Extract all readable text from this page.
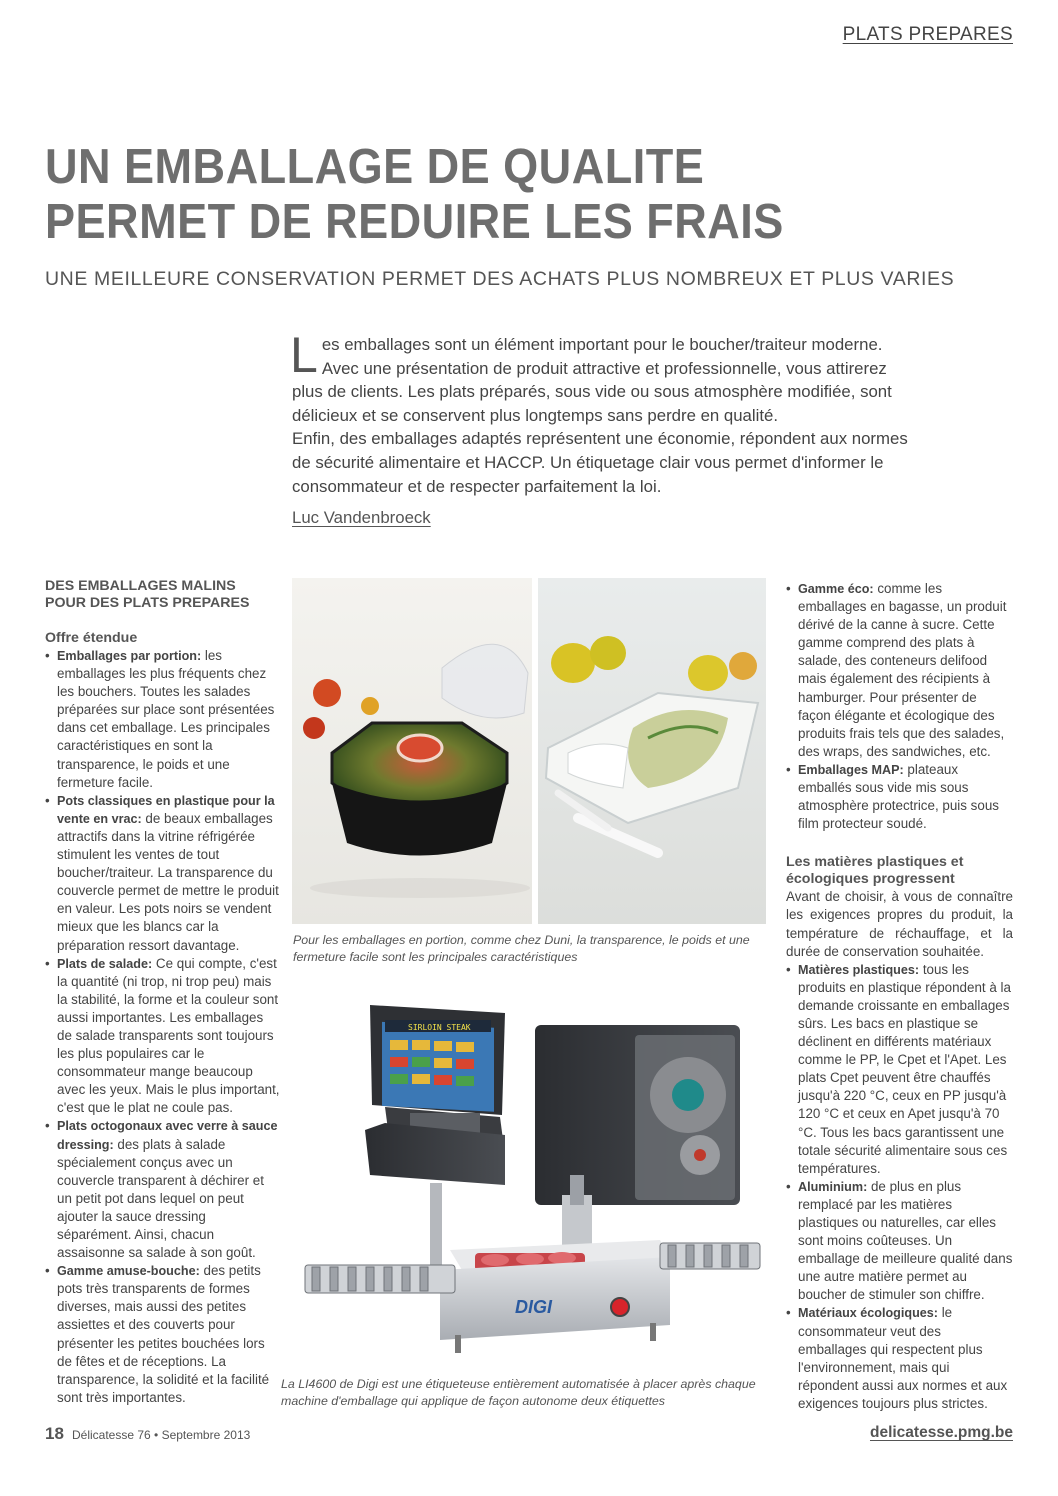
PLATS PREPARES
UN EMBALLAGE DE QUALITE
PERMET DE REDUIRE LES FRAIS
UNE MEILLEURE CONSERVATION PERMET DES ACHATS PLUS NOMBREUX ET PLUS VARIES

Les emballages sont un élément important pour le boucher/traiteur moderne. Avec une présentation de produit attractive et professionnelle, vous attirerez plus de clients. Les plats préparés, sous vide ou sous atmosphère modifiée, sont délicieux et se conservent plus longtemps sans perdre en qualité.

Enfin, des emballages adaptés représentent une économie, répondent aux normes de sécurité alimentaire et HACCP. Un étiquetage clair vous permet d'informer le consommateur et de respecter parfaitement la loi.

Luc Vandenbroeck
DES EMBALLAGES MALINS POUR DES PLATS PREPARES
Offre étendue
• Emballages par portion: les emballages les plus fréquents chez les bouchers. Toutes les salades préparées sur place sont présentées dans cet emballage. Les principales caractéristiques en sont la transparence, le poids et une fermeture facile.
• Pots classiques en plastique pour la vente en vrac: de beaux emballages attractifs dans la vitrine réfrigérée stimulent les ventes de tout boucher/traiteur. La transparence du couvercle permet de mettre le produit en valeur. Les pots noirs se vendent mieux que les blancs car la préparation ressort davantage.
• Plats de salade: Ce qui compte, c'est la quantité (ni trop, ni trop peu) mais la stabilité, la forme et la couleur sont aussi importantes. Les emballages de salade transparents sont toujours les plus populaires car le consommateur mange beaucoup avec les yeux. Mais le plus important, c'est que le plat ne coule pas.
• Plats octogonaux avec verre à sauce dressing: des plats à salade spécialement conçus avec un couvercle transparent à déchirer et un petit pot dans lequel on peut ajouter la sauce dressing séparément. Ainsi, chacun assaisonne sa salade à son goût.
• Gamme amuse-bouche: des petits pots très transparents de formes diverses, mais aussi des petites assiettes et des couverts pour présenter les petites bouchées lors de fêtes et de réceptions. La transparence, la solidité et la facilité sont très importantes.
Pour les emballages en portion, comme chez Duni, la transparence, le poids et une fermeture facile sont les principales caractéristiques
SIRLOIN STEAK
DIGI
La LI4600 de Digi est une étiqueteuse entièrement automatisée à placer après chaque machine d'emballage qui applique de façon autonome deux étiquettes
• Gamme éco: comme les emballages en bagasse, un produit dérivé de la canne à sucre. Cette gamme comprend des plats à salade, des conteneurs delifood mais également des récipients à hamburger. Pour présenter de façon élégante et écologique des produits frais tels que des salades, des wraps, des sandwiches, etc.
• Emballages MAP: plateaux emballés sous vide mis sous atmosphère protectrice, puis sous film protecteur soudé.
Les matières plastiques et écologiques progressent

Avant de choisir, à vous de connaître les exigences propres du produit, la température de réchauffage, et la durée de conservation souhaitée.

• Matières plastiques: tous les produits en plastique répondent à la demande croissante en emballages sûrs. Les bacs en plastique se déclinent en différents matériaux comme le PP, le Cpet et l'Apet. Les plats Cpet peuvent être chauffés jusqu'à 220 °C, ceux en PP jusqu'à 120 °C et ceux en Apet jusqu'à 70 °C. Tous les bacs garantissent une totale sécurité alimentaire sous ces températures.
• Aluminium: de plus en plus remplacé par les matières plastiques ou naturelles, car elles sont moins coûteuses. Un emballage de meilleure qualité dans une autre matière permet au boucher de stimuler son chiffre.
• Matériaux écologiques: le consommateur veut des emballages qui respectent plus l'environnement, mais qui répondent aussi aux normes et aux exigences toujours plus strictes.
18 Délicatesse 76 • Septembre 2013	delicatesse.pmg.be
